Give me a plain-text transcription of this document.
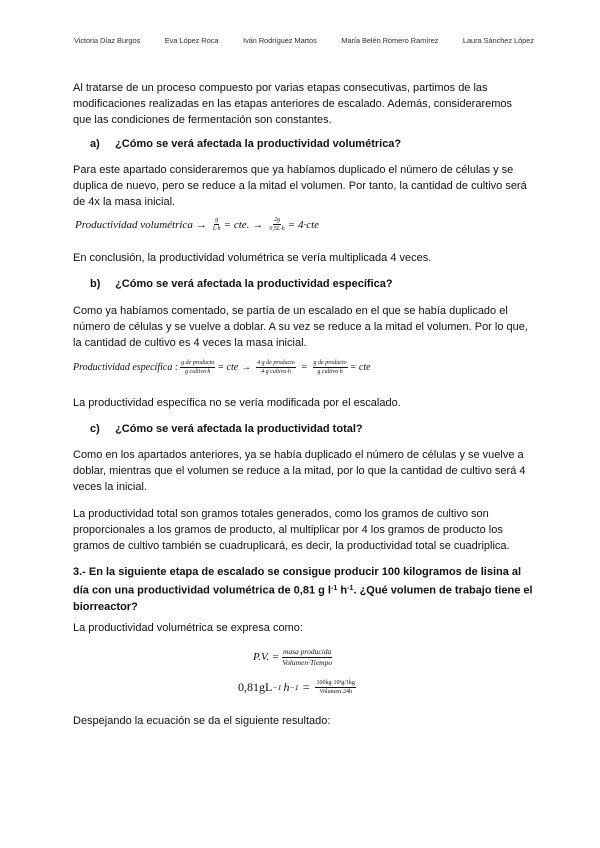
Victoria Díaz Burgos	Eva López Roca	Iván Rodríguez Martos	María Belén Romero Ramírez	Laura Sánchez López
Al tratarse de un proceso compuesto por varias etapas consecutivas, partimos de las modificaciones realizadas en las etapas anteriores de escalado. Además, consideraremos que las condiciones de fermentación son constantes.
a) ¿Cómo se verá afectada la productividad volumétrica?
Para este apartado consideraremos que ya habíamos duplicado el número de células y se duplica de nuevo, pero se reduce a la mitad el volumen. Por tanto, la cantidad de cultivo será de 4x la masa inicial.
Productividad volumétrica → $\frac{g}{L\cdot h}$ = cte. → $\frac{2g}{0,5L\cdot h} = 4\cdot cte$
En conclusión, la productividad volumétrica se vería multiplicada 4 veces.
b) ¿Cómo se verá afectada la productividad específica?
Como ya habíamos comentado, se partía de un escalado en el que se había duplicado el número de células y se vuelve a doblar. A su vez se reduce a la mitad el volumen. Por lo que, la cantidad de cultivo es 4 veces la masa inicial.
Productividad específica : $\frac{\text{g de producto}}{\text{g cultivo·h}}$ = cte → $\frac{\text{4·g de producto}}{\text{4·g cultivo·h}} = \frac{\text{g de producto}}{\text{g cultivo·h}}$ = cte
La productividad específica no se vería modificada por el escalado.
c) ¿Cómo se verá afectada la productividad total?
Como en los apartados anteriores, ya se había duplicado el número de células y se vuelve a doblar, mientras que el volumen se reduce a la mitad, por lo que la cantidad de cultivo será 4 veces la inicial.
La productividad total son gramos totales generados, como los gramos de cultivo son proporcionales a los gramos de producto, al multiplicar por 4 los gramos de producto los gramos de cultivo también se cuadruplicará, es decir, la productividad total se cuadriplica.
3.- En la siguiente etapa de escalado se consigue producir 100 kilogramos de lisina al día con una productividad volumétrica de 0,81 g $l^{-1}$ $h^{-1}$. ¿Qué volumen de trabajo tiene el biorreactor?
La productividad volumétrica se expresa como:
P.V. = $\frac{\text{masa producida}}{\text{Volumen·Tiempo}}$
0,81gL −1 $h -1 = \frac{\text{100kg·10³g/1kg}}{\text{Volumen·24h}}$
Despejando la ecuación se da el siguiente resultado:
